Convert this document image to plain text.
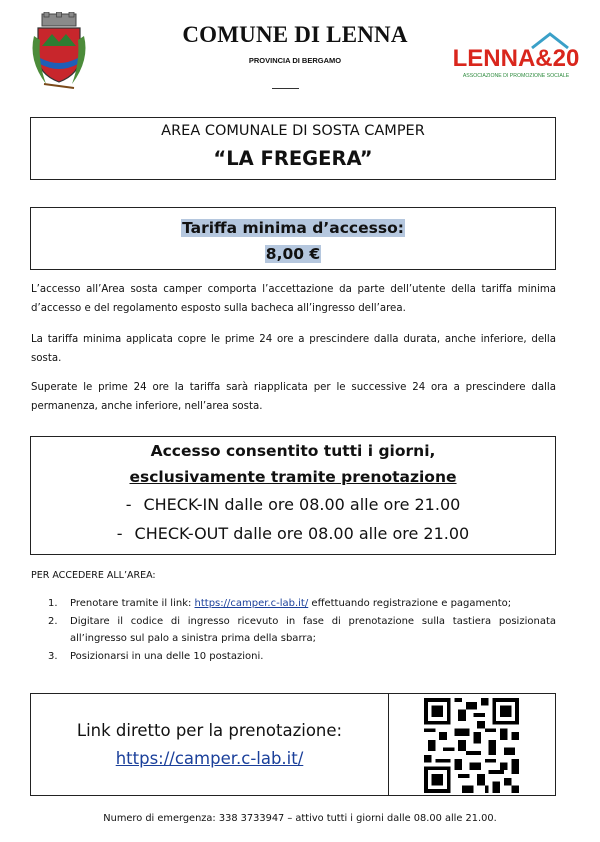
COMUNE DI LENNA
PROVINCIA DI BERGAMO	LENNA&20
ASSOCIAZIONE DI PROMOZIONE SOCIALE
AREA COMUNALE DI SOSTA CAMPER
“LA FREGERA”
Tariffa minima d’accesso:
8,00 €
L’accesso all’Area sosta camper comporta l’accettazione da parte dell’utente della tariffa minima d’accesso e del regolamento esposto sulla bacheca all’ingresso dell’area.
La tariffa minima applicata copre le prime 24 ore a prescindere dalla durata, anche inferiore, della sosta.
Superate le prime 24 ore la tariffa sarà riapplicata per le successive 24 ora a prescindere dalla permanenza, anche inferiore, nell’area sosta.
Accesso consentito tutti i giorni,
esclusivamente tramite prenotazione
- CHECK-IN dalle ore 08.00 alle ore 21.00
- CHECK-OUT dalle ore 08.00 alle ore 21.00
PER ACCEDERE ALL’AREA:
1. Prenotare tramite il link: https://camper.c-lab.it/ effettuando registrazione e pagamento;
2. Digitare il codice di ingresso ricevuto in fase di prenotazione sulla tastiera posizionata all’ingresso sul palo a sinistra prima della sbarra;
3. Posizionarsi in una delle 10 postazioni.
Link diretto per la prenotazione:
https://camper.c-lab.it/
Numero di emergenza: 338 3733947 – attivo tutti i giorni dalle 08.00 alle 21.00.
